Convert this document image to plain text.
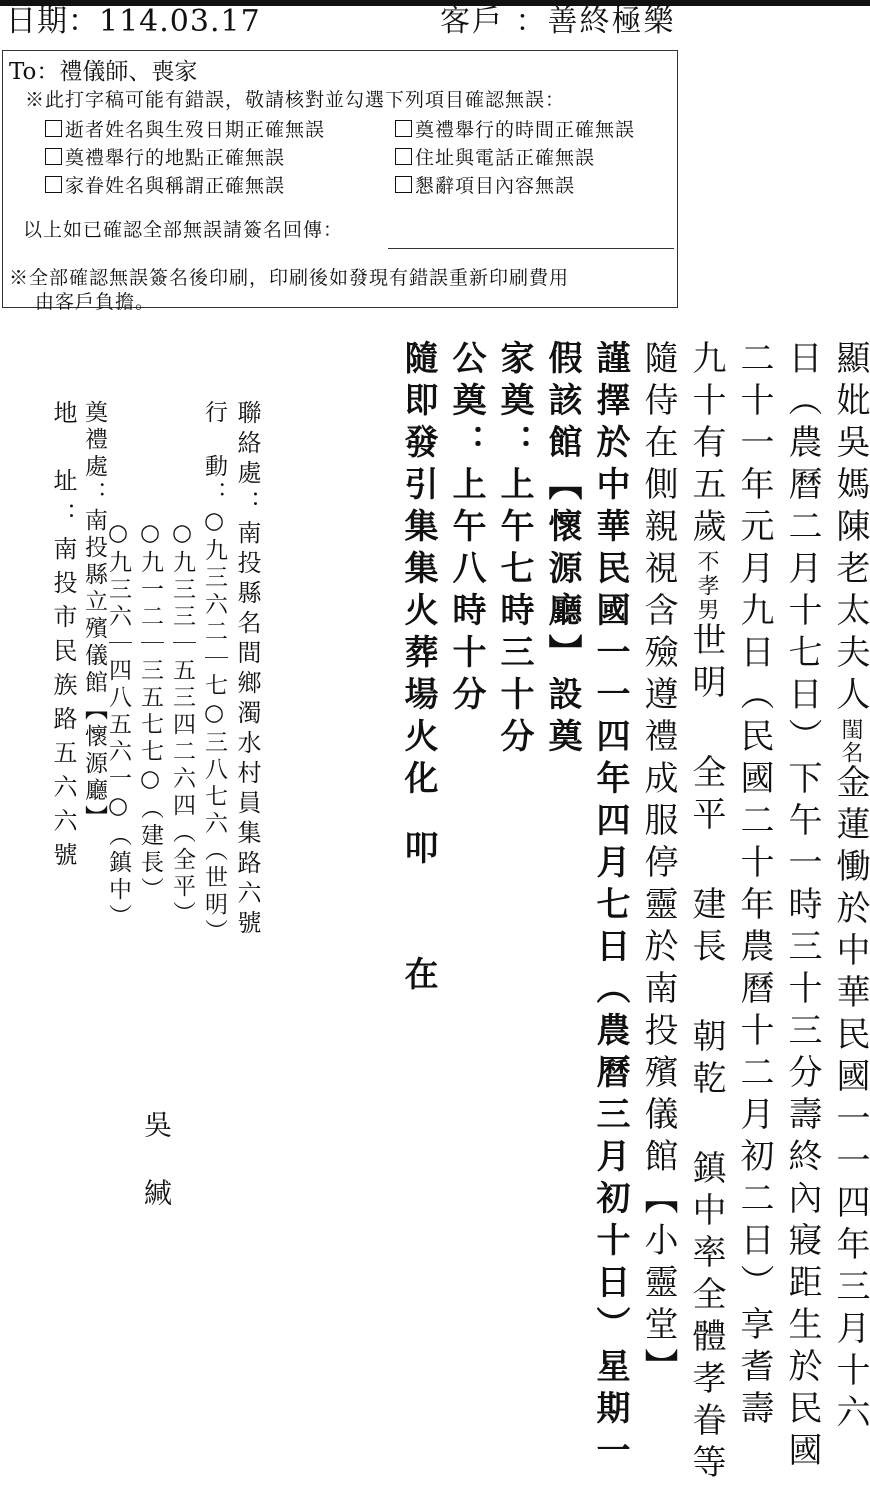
日期：114.03.17	客戶 ：善終極樂
To：禮儀師、喪家
※此打字稿可能有錯誤，敬請核對並勾選下列項目確認無誤：
逝者姓名與生歿日期正確無誤	奠禮舉行的時間正確無誤
奠禮舉行的地點正確無誤	住址與電話正確無誤
家眷姓名與稱謂正確無誤	懇辭項目內容無誤
以上如已確認全部無誤請簽名回傳：
※全部確認無誤簽名後印刷，印刷後如發現有錯誤重新印刷費用
由客戶負擔。
顯妣吳媽陳老太夫人閨名金蓮慟於中華民國一一四年三月十六
日︵農曆二月十七日︶下午一時三十三分壽終內寢距生於民國
二十一年元月九日︵民國二十年農曆十二月初二日︶享耆壽
九十有五歲不孝男世明 全平 建長 朝乾 鎮中率全體孝眷等
隨侍在側親視含殮遵禮成服停靈於南投殯儀館︻小靈堂︼
謹擇於中華民國一一四年四月七日︵農曆三月初十日︶星期一
假該館︻懷源廳︼設奠
家奠：上午七時三十分
公奠：上午八時十分
隨即發引集集火葬場火化
叩 在
聯絡處：南投縣名間鄉濁水村員集路六號
行　動：○九三六二｜七○三八七六︵世明︶
○九三三｜五三四二六四︵全平︶
○九一二｜三五七七○︵建長︶
○九三六｜四八五六一○︵鎮中︶
奠禮處：南投縣立殯儀館︻懷源廳︼
地　址：南投市民族路五六六號
吳　緘
